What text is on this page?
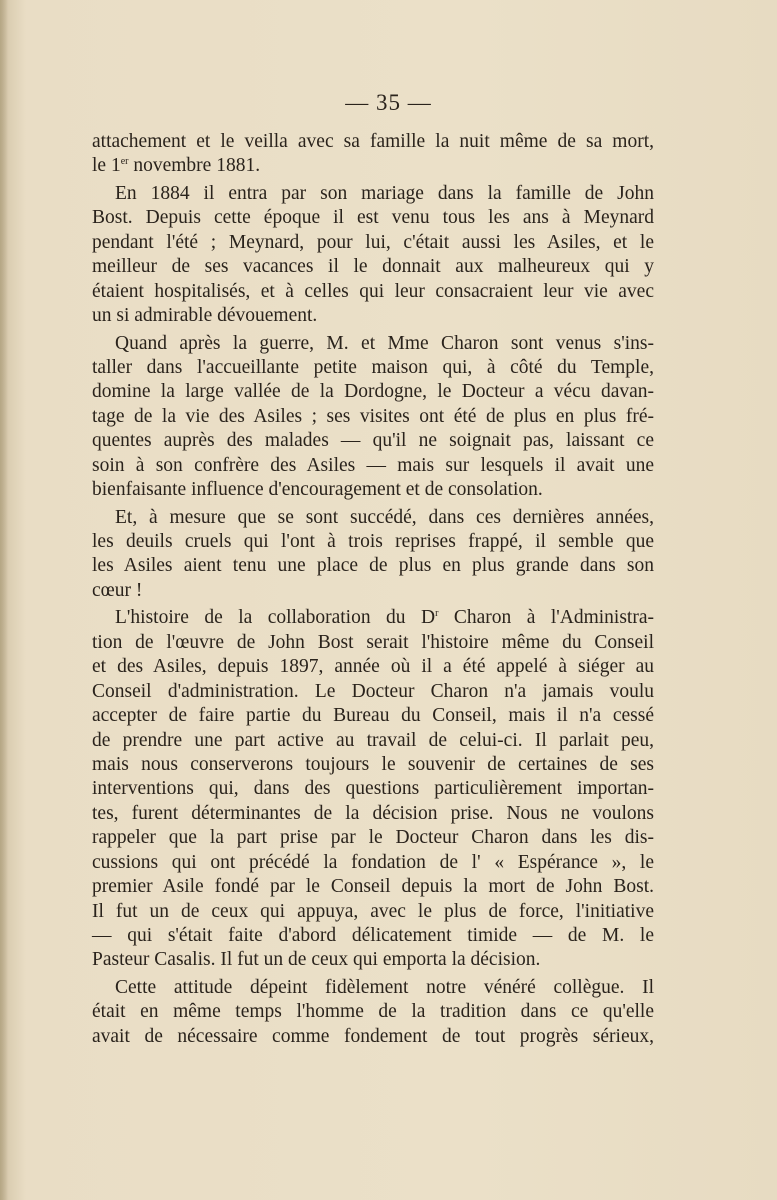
— 35 —
attachement et le veilla avec sa famille la nuit même de sa mort,
le 1er novembre 1881.
En 1884 il entra par son mariage dans la famille de John
Bost. Depuis cette époque il est venu tous les ans à Meynard
pendant l'été ; Meynard, pour lui, c'était aussi les Asiles, et le
meilleur de ses vacances il le donnait aux malheureux qui y
étaient hospitalisés, et à celles qui leur consacraient leur vie avec
un si admirable dévouement.
Quand après la guerre, M. et Mme Charon sont venus s'ins-
taller dans l'accueillante petite maison qui, à côté du Temple,
domine la large vallée de la Dordogne, le Docteur a vécu davan-
tage de la vie des Asiles ; ses visites ont été de plus en plus fré-
quentes auprès des malades — qu'il ne soignait pas, laissant ce
soin à son confrère des Asiles — mais sur lesquels il avait une
bienfaisante influence d'encouragement et de consolation.
Et, à mesure que se sont succédé, dans ces dernières années,
les deuils cruels qui l'ont à trois reprises frappé, il semble que
les Asiles aient tenu une place de plus en plus grande dans son
cœur !
L'histoire de la collaboration du $D^r$ Charon à l'Administra-
tion de l'œuvre de John Bost serait l'histoire même du Conseil
et des Asiles, depuis 1897, année où il a été appelé à siéger au
Conseil d'administration. Le Docteur Charon n'a jamais voulu
accepter de faire partie du Bureau du Conseil, mais il n'a cessé
de prendre une part active au travail de celui-ci. Il parlait peu,
mais nous conserverons toujours le souvenir de certaines de ses
interventions qui, dans des questions particulièrement importan-
tes, furent déterminantes de la décision prise. Nous ne voulons
rappeler que la part prise par le Docteur Charon dans les dis-
cussions qui ont précédé la fondation de l' « Espérance », le
premier Asile fondé par le Conseil depuis la mort de John Bost.
Il fut un de ceux qui appuya, avec le plus de force, l'initiative
— qui s'était faite d'abord délicatement timide — de M. le
Pasteur Casalis. Il fut un de ceux qui emporta la décision.
Cette attitude dépeint fidèlement notre vénéré collègue. Il
était en même temps l'homme de la tradition dans ce qu'elle
avait de nécessaire comme fondement de tout progrès sérieux,
